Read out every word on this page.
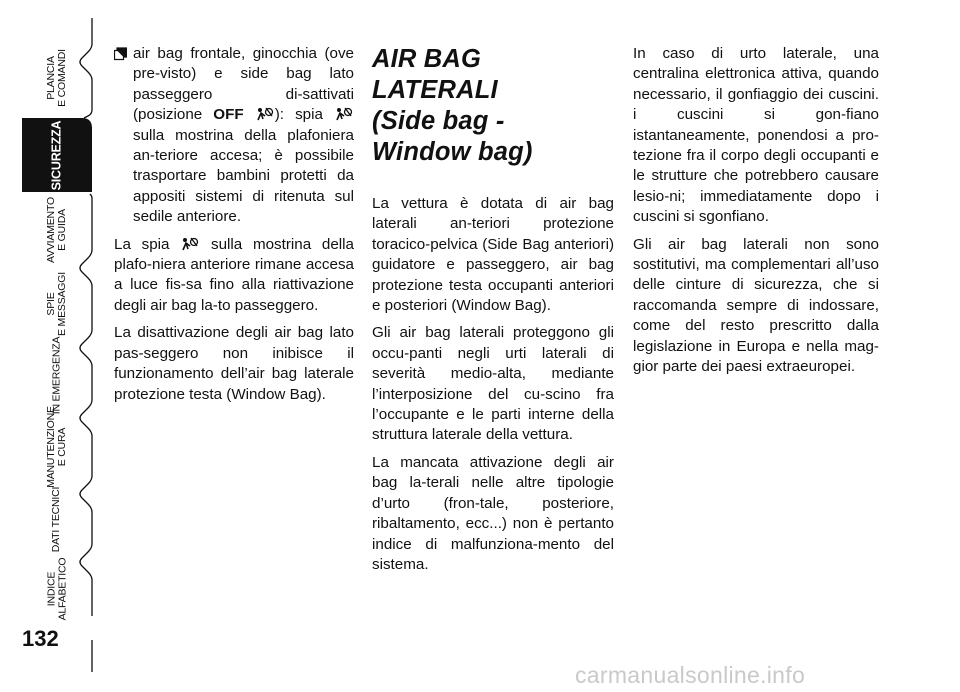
PLANCIA
E COMANDI
SICUREZZA
AVVIAMENTO
E GUIDA
SPIE
E MESSAGGI
IN EMERGENZA
MANUTENZIONE
E CURA
DATI TECNICI
INDICE
ALFABETICO
132

air bag frontale, ginocchia (ove pre-visto) e side bag lato passeggero di-sattivati (posizione OFF ): spia  sulla mostrina della plafoniera an-teriore accesa; è possibile trasportare bambini protetti da appositi sistemi di ritenuta sul sedile anteriore.

La spia  sulla mostrina della plafo-niera anteriore rimane accesa a luce fis-sa fino alla riattivazione degli air bag la-to passeggero.

La disattivazione degli air bag lato pas-seggero non inibisce il funzionamento dell’air bag laterale protezione testa (Window Bag).

AIR BAG LATERALI
(Side bag -
Window bag)

La vettura è dotata di air bag laterali an-teriori protezione toracico-pelvica (Side Bag anteriori) guidatore e passeggero, air bag protezione testa occupanti anteriori e posteriori (Window Bag).

Gli air bag laterali proteggono gli occu-panti negli urti laterali di severità medio-alta, mediante l’interposizione del cu-scino fra l’occupante e le parti interne della struttura laterale della vettura.

La mancata attivazione degli air bag la-terali nelle altre tipologie d’urto (fron-tale, posteriore, ribaltamento, ecc...) non è pertanto indice di malfunziona-mento del sistema.

In caso di urto laterale, una centralina elettronica attiva, quando necessario, il gonfiaggio dei cuscini. i cuscini si gon-fiano istantaneamente, ponendosi a pro-tezione fra il corpo degli occupanti e le strutture che potrebbero causare lesio-ni; immediatamente dopo i cuscini si sgonfiano.

Gli air bag laterali non sono sostitutivi, ma complementari all’uso delle cinture di sicurezza, che si raccomanda sempre di indossare, come del resto prescritto dalla legislazione in Europa e nella mag-gior parte dei paesi extraeuropei.

carmanualsonline.info
